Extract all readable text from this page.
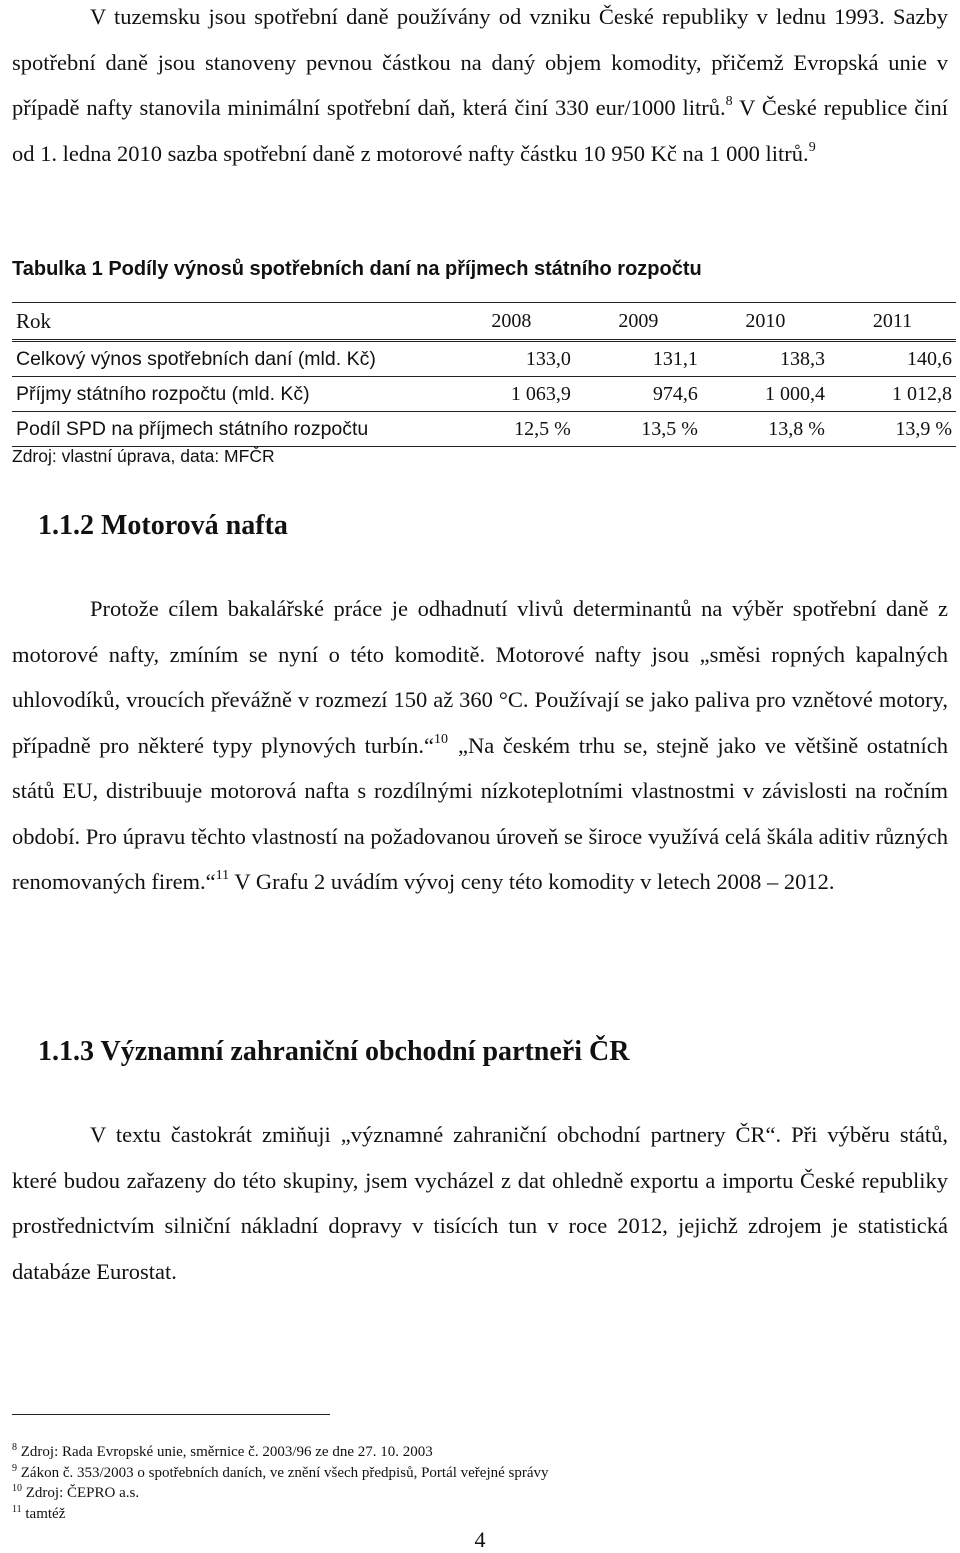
V tuzemsku jsou spotřební daně používány od vzniku České republiky v lednu 1993. Sazby spotřební daně jsou stanoveny pevnou částkou na daný objem komodity, přičemž Evropská unie v případě nafty stanovila minimální spotřební daň, která činí 330 eur/1000 litrů.$^8$ V České republice činí od 1. ledna 2010 sazba spotřební daně z motorové nafty částku 10 950 Kč na 1 000 litrů.$^9$

Tabulka 1 Podíly výnosů spotřebních daní na příjmech státního rozpočtu
Rok	2008	2009	2010	2011
Celkový výnos spotřebních daní (mld. Kč)	133,0	131,1	138,3	140,6
Příjmy státního rozpočtu (mld. Kč)	1 063,9	974,6	1 000,4	1 012,8
Podíl SPD na příjmech státního rozpočtu	12,5 %	13,5 %	13,8 %	13,9 %
Zdroj: vlastní úprava, data: MFČR
1.1.2 Motorová nafta

Protože cílem bakalářské práce je odhadnutí vlivů determinantů na výběr spotřební daně z motorové nafty, zmíním se nyní o této komoditě. Motorové nafty jsou „směsi ropných kapalných uhlovodíků, vroucích převážně v rozmezí 150 až 360 °C. Používají se jako paliva pro vznětové motory, případně pro některé typy plynových turbín.“$^{10}$ „Na českém trhu se, stejně jako ve většině ostatních států EU, distribuuje motorová nafta s rozdílnými nízkoteplotními vlastnostmi v závislosti na ročním období. Pro úpravu těchto vlastností na požadovanou úroveň se široce využívá celá škála aditiv různých renomovaných firem.“$^{11}$ V Grafu 2 uvádím vývoj ceny této komodity v letech 2008 – 2012.

1.1.3 Významní zahraniční obchodní partneři ČR

V textu častokrát zmiňuji „významné zahraniční obchodní partnery ČR“. Při výběru států, které budou zařazeny do této skupiny, jsem vycházel z dat ohledně exportu a importu České republiky prostřednictvím silniční nákladní dopravy v tisících tun v roce 2012, jejichž zdrojem je statistická databáze Eurostat.

$^8$ Zdroj: Rada Evropské unie, směrnice č. 2003/96 ze dne 27. 10. 2003
$^9$ Zákon č. 353/2003 o spotřebních daních, ve znění všech předpisů, Portál veřejné správy
$^{10}$ Zdroj: ČEPRO a.s.
$^{11}$ tamtéž
4
